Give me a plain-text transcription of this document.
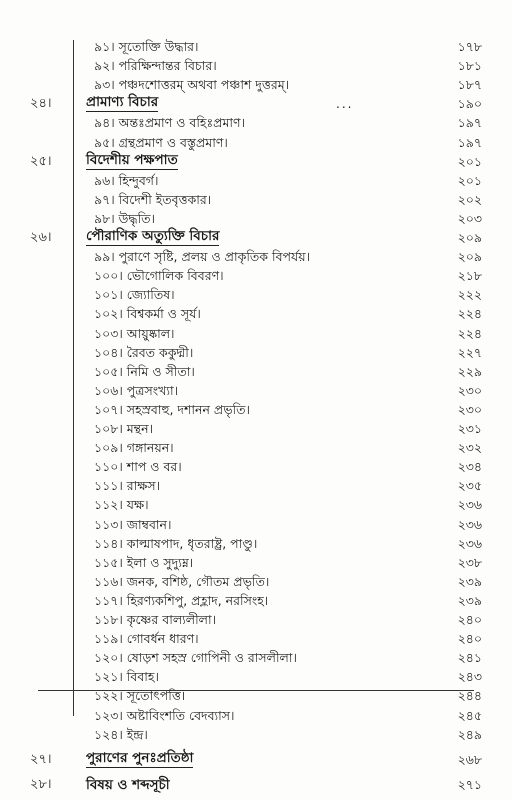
৯১। সূতোক্তি উদ্ধার।	১৭৮
৯২। পরিক্ষিন্দান্তর বিচার।	১৮১
৯৩। পঞ্চদশোত্তরম্ অথবা পঞ্চাশ দুত্তরম্।	১৮৭
২৪।	প্রামাণ্য বিচার	...	১৯০
৯৪। অন্তঃপ্রমাণ ও বহিঃপ্রমাণ।	১৯৭
৯৫। গ্রন্থপ্রমাণ ও বস্তুপ্রমাণ।	১৯৭
২৫।	বিদেশীয় পক্ষপাত	২০১
৯৬। হিন্দুবর্গ।	২০১
৯৭। বিদেশী ইতবৃত্তকার।	২০২
৯৮। উদ্ধৃতি।	২০৩
২৬।	পৌরাণিক অত্যুক্তি বিচার	২০৯
৯৯। পুরাণে সৃষ্টি, প্রলয় ও প্রাকৃতিক বিপর্যয়।	২০৯
১০০। ভৌগোলিক বিবরণ।	২১৮
১০১। জ্যোতিষ।	২২২
১০২। বিশ্বকর্মা ও সূর্য।	২২৪
১০৩। আয়ুষ্কাল।	২২৪
১০৪। রৈবত ককুদ্মী।	২২৭
১০৫। নিমি ও সীতা।	২২৯
১০৬। পুত্রসংখ্যা।	২৩০
১০৭। সহস্রবাহু, দশানন প্রভৃতি।	২৩০
১০৮। মন্থন।	২৩১
১০৯। গঙ্গানয়ন।	২৩২
১১০। শাপ ও বর।	২৩৪
১১১। রাক্ষস।	২৩৫
১১২। যক্ষ।	২৩৬
১১৩। জাম্ববান।	২৩৬
১১৪। কাল্মাষপাদ, ধৃতরাষ্ট্র, পাণ্ডু।	২৩৬
১১৫। ইলা ও সুদ্যুম্ন।	২৩৮
১১৬। জনক, বশিষ্ঠ, গৌতম প্রভৃতি।	২৩৯
১১৭। হিরণ্যকশিপু, প্রহ্লাদ, নরসিংহ।	২৩৯
১১৮। কৃষ্ণের বাল্যলীলা।	২৪০
১১৯। গোবর্ধন ধারণ।	২৪০
১২০। ষোড়শ সহস্র গোপিনী ও রাসলীলা।	২৪১
১২১। বিবাহ।	২৪৩
১২২। সূতোৎপত্তি।	২৪৪
১২৩। অষ্টাবিংশতি বেদব্যাস।	২৪৫
১২৪। ইন্দ্র।	২৪৯
২৭।	পুরাণের পুনঃপ্রতিষ্ঠা	২৬৮
২৮।	বিষয় ও শব্দসূচী	২৭১
